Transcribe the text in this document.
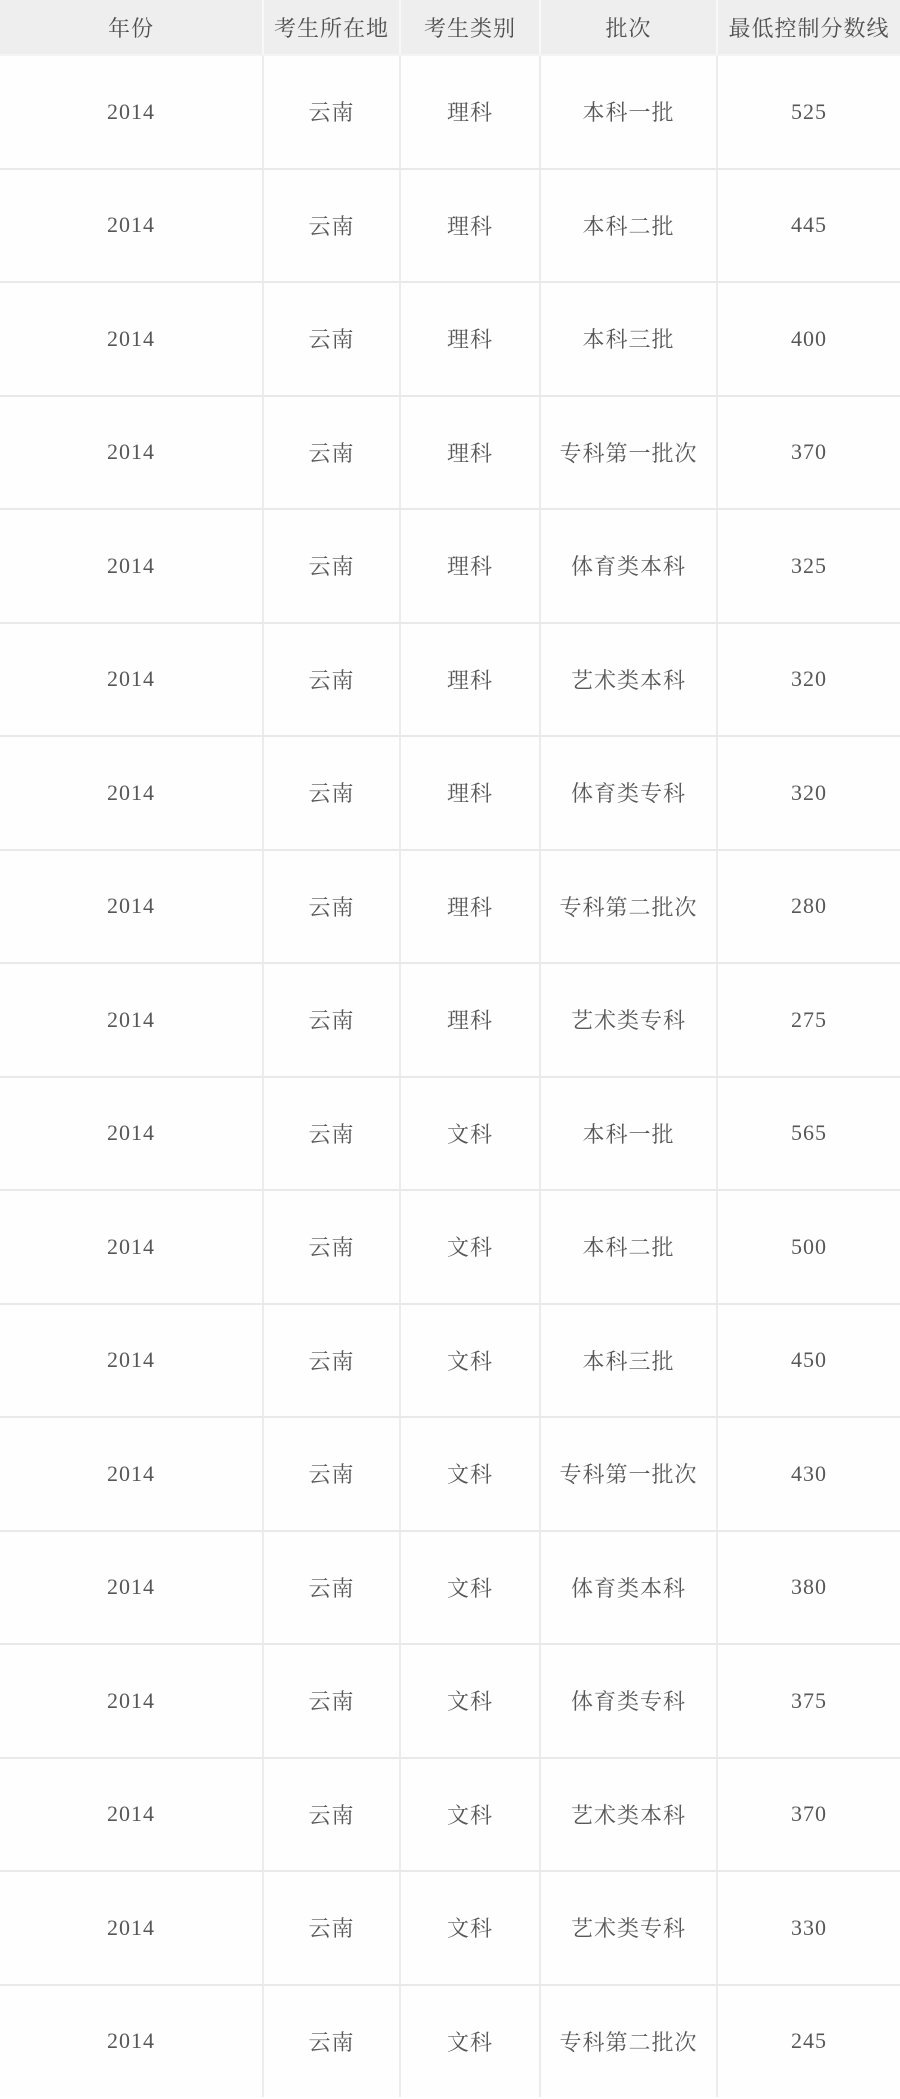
年份	考生所在地	考生类别	批次	最低控制分数线
2014	云南	理科	本科一批	525
2014	云南	理科	本科二批	445
2014	云南	理科	本科三批	400
2014	云南	理科	专科第一批次	370
2014	云南	理科	体育类本科	325
2014	云南	理科	艺术类本科	320
2014	云南	理科	体育类专科	320
2014	云南	理科	专科第二批次	280
2014	云南	理科	艺术类专科	275
2014	云南	文科	本科一批	565
2014	云南	文科	本科二批	500
2014	云南	文科	本科三批	450
2014	云南	文科	专科第一批次	430
2014	云南	文科	体育类本科	380
2014	云南	文科	体育类专科	375
2014	云南	文科	艺术类本科	370
2014	云南	文科	艺术类专科	330
2014	云南	文科	专科第二批次	245
